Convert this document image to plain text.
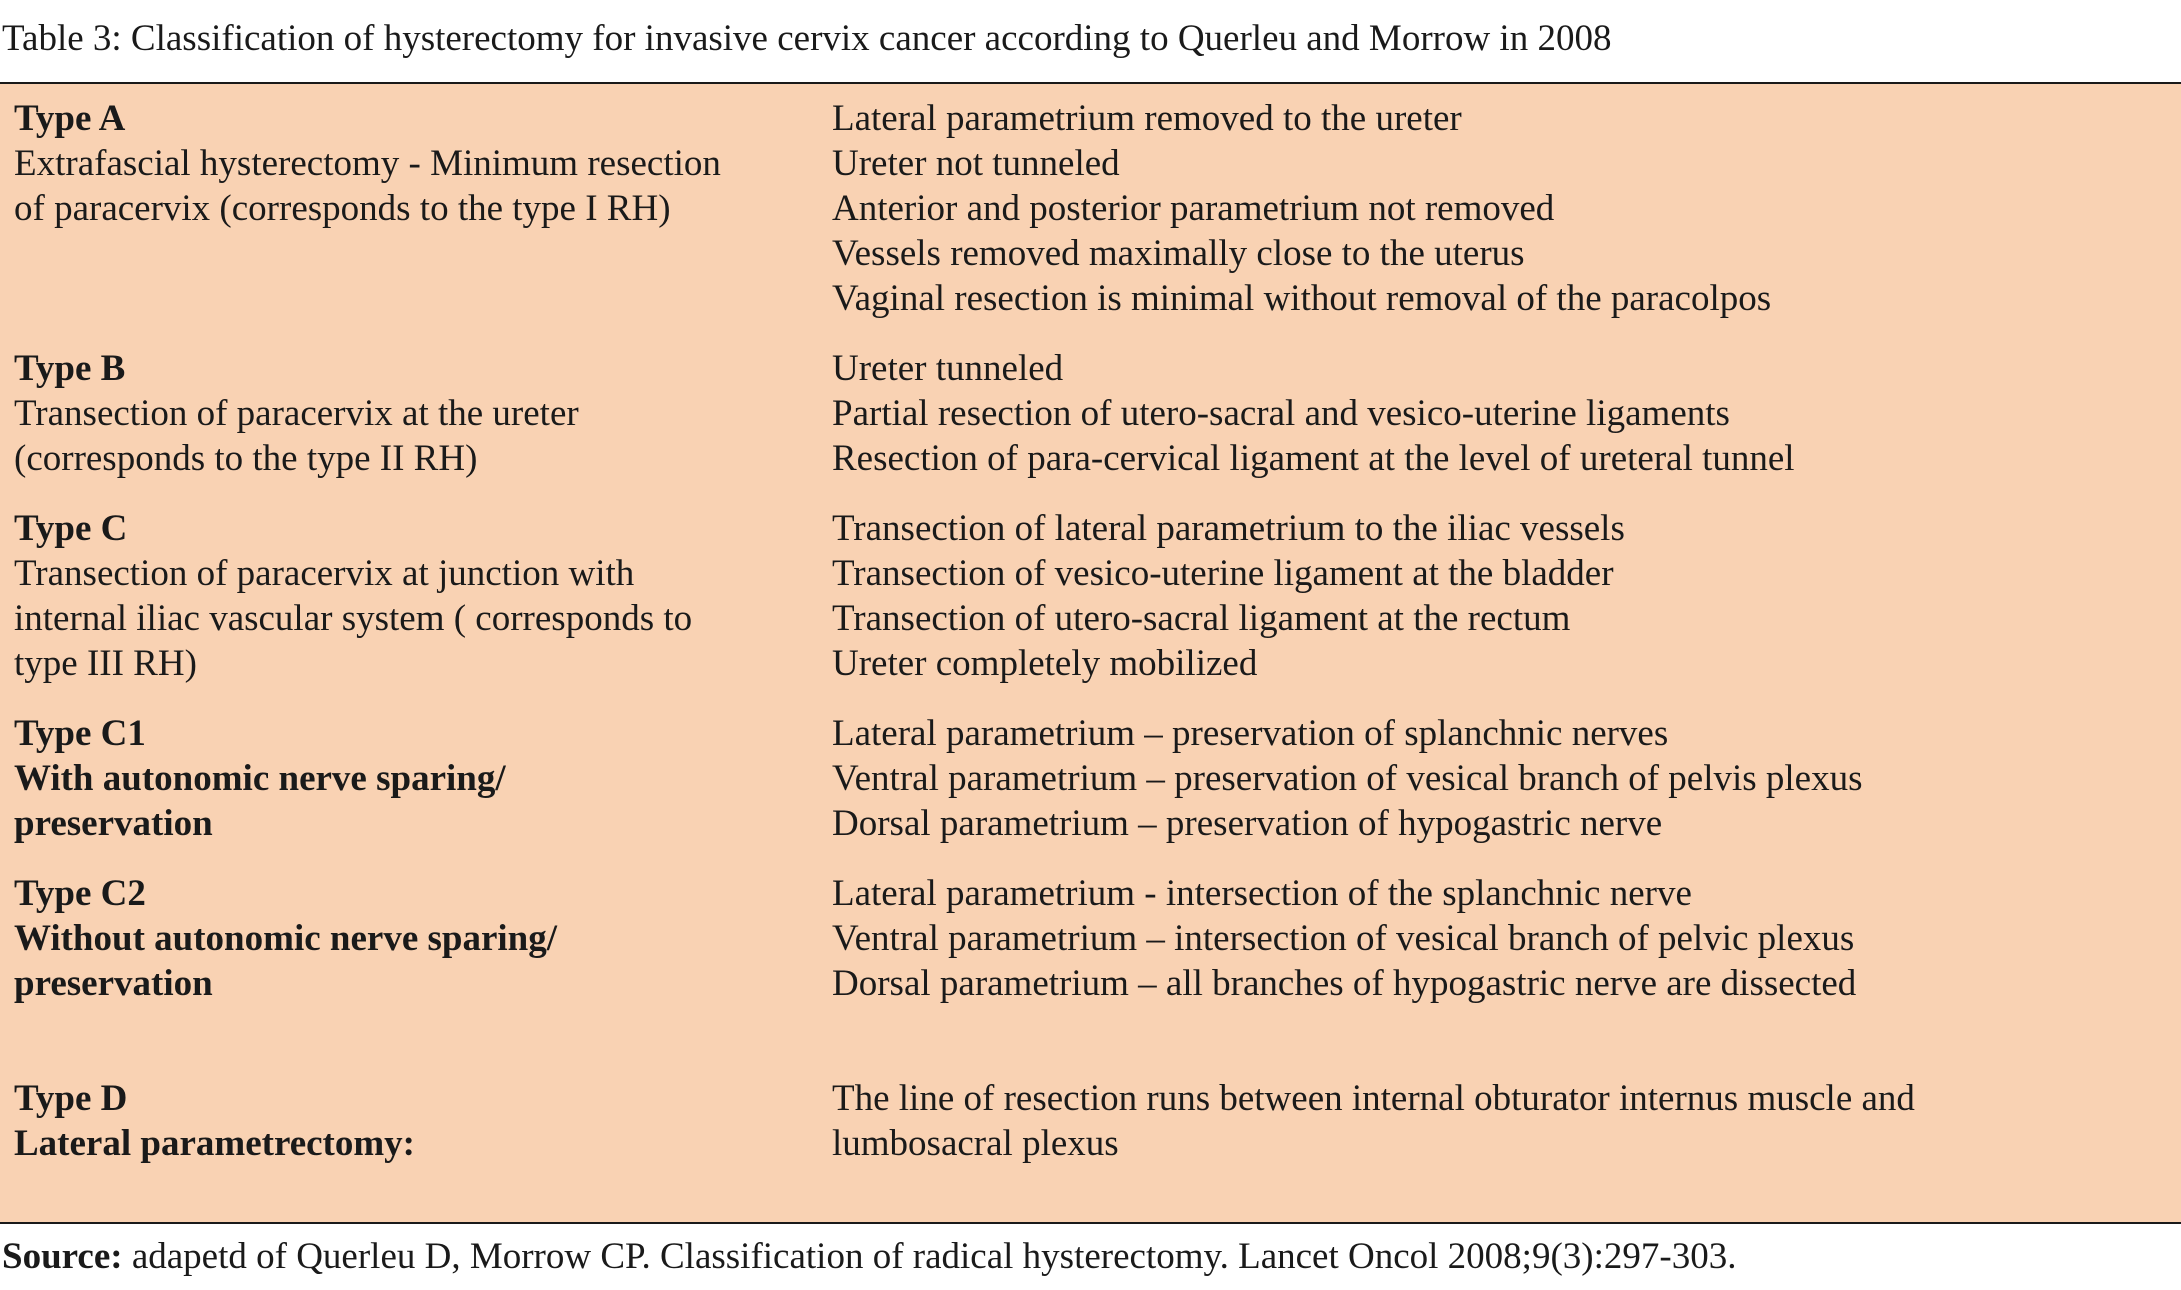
Table 3: Classification of hysterectomy for invasive cervix cancer according to Querleu and Morrow in 2008
Type A
Extrafascial hysterectomy - Minimum resection
of paracervix (corresponds to the type I RH)
Lateral parametrium removed to the ureter
Ureter not tunneled
Anterior and posterior parametrium not removed
Vessels removed maximally close to the uterus
Vaginal resection is minimal without removal of the paracolpos
Type B
Transection of paracervix at the ureter
(corresponds to the type II RH)
Ureter tunneled
Partial resection of utero-sacral and vesico-uterine ligaments
Resection of para-cervical ligament at the level of ureteral tunnel
Type C
Transection of paracervix at junction with
internal iliac vascular system ( corresponds to
type III RH)
Transection of lateral parametrium to the iliac vessels
Transection of vesico-uterine ligament at the bladder
Transection of utero-sacral ligament at the rectum
Ureter completely mobilized
Type C1
With autonomic nerve sparing/
preservation
Lateral parametrium – preservation of splanchnic nerves
Ventral parametrium – preservation of vesical branch of pelvis plexus
Dorsal parametrium – preservation of hypogastric nerve
Type C2
Without autonomic nerve sparing/
preservation
Lateral parametrium - intersection of the splanchnic nerve
Ventral parametrium – intersection of vesical branch of pelvic plexus
Dorsal parametrium – all branches of hypogastric nerve are dissected
Type D
Lateral parametrectomy:
The line of resection runs between internal obturator internus muscle and
lumbosacral plexus
Source: adapetd of Querleu D, Morrow CP. Classification of radical hysterectomy. Lancet Oncol 2008;9(3):297-303.
